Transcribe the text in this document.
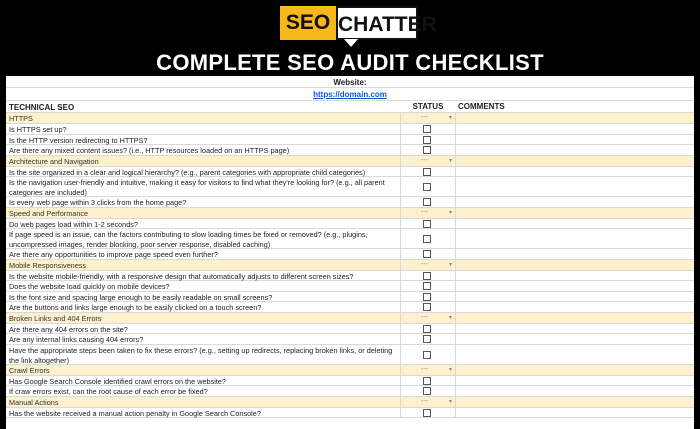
SEO CHATTER
COMPLETE SEO AUDIT CHECKLIST
Website:
https://domain.com
TECHNICAL SEO	STATUS	COMMENTS
HTTPS	---	▾
Is HTTPS set up?
Is the HTTP version redirecting to HTTPS?
Are there any mixed content issues? (i.e., HTTP resources loaded on an HTTPS page)
Architecture and Navigation	---	▾
Is the site organized in a clear and logical hierarchy? (e.g., parent categories with appropriate child categories)
Is the navigation user-friendly and intuitive, making it easy for visitors to find what they're looking for? (e.g., all parent categories are included)
Is every web page within 3 clicks from the home page?
Speed and Performance	---	▾
Do web pages load within 1-2 seconds?
If page speed is an issue, can the factors contributing to slow loading times be fixed or removed? (e.g., plugins, uncompressed images, render blocking, poor server response, disabled caching)
Are there any opportunities to improve page speed even further?
Mobile Responsiveness	---	▾
Is the website mobile-friendly, with a responsive design that automatically adjusts to different screen sizes?
Does the website load quickly on mobile devices?
Is the font size and spacing large enough to be easily readable on small screens?
Are the buttons and links large enough to be easily clicked on a touch screen?
Broken Links and 404 Errors	---	▾
Are there any 404 errors on the site?
Are any internal links causing 404 errors?
Have the appropriate steps been taken to fix these errors? (e.g., setting up redirects, replacing broken links, or deleting the link altogether)
Crawl Errors	---	▾
Has Google Search Console identified crawl errors on the website?
If craw errors exist, can the root cause of each error be fixed?
Manual Actions	---	▾
Has the website received a manual action penalty in Google Search Console?
